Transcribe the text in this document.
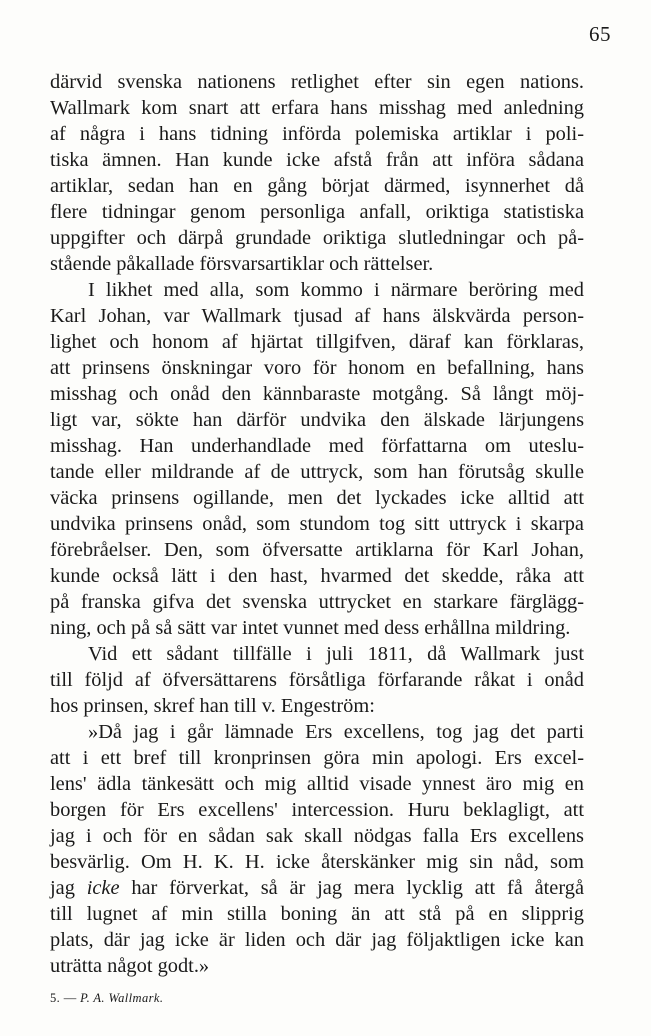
65
därvid svenska nationens retlighet efter sin egen nations.
Wallmark kom snart att erfara hans misshag med anledning
af några i hans tidning införda polemiska artiklar i poli-
tiska ämnen. Han kunde icke afstå från att införa sådana
artiklar, sedan han en gång börjat därmed, isynnerhet då
flere tidningar genom personliga anfall, oriktiga statistiska
uppgifter och därpå grundade oriktiga slutledningar och på-
stående påkallade försvarsartiklar och rättelser.
I likhet med alla, som kommo i närmare beröring med
Karl Johan, var Wallmark tjusad af hans älskvärda person-
lighet och honom af hjärtat tillgifven, däraf kan förklaras,
att prinsens önskningar voro för honom en befallning, hans
misshag och onåd den kännbaraste motgång. Så långt möj-
ligt var, sökte han därför undvika den älskade lärjungens
misshag. Han underhandlade med författarna om uteslu-
tande eller mildrande af de uttryck, som han förutsåg skulle
väcka prinsens ogillande, men det lyckades icke alltid att
undvika prinsens onåd, som stundom tog sitt uttryck i skarpa
förebråelser. Den, som öfversatte artiklarna för Karl Johan,
kunde också lätt i den hast, hvarmed det skedde, råka att
på franska gifva det svenska uttrycket en starkare färglägg-
ning, och på så sätt var intet vunnet med dess erhållna mildring.
Vid ett sådant tillfälle i juli 1811, då Wallmark just
till följd af öfversättarens försåtliga förfarande råkat i onåd
hos prinsen, skref han till v. Engeström:
»Då jag i går lämnade Ers excellens, tog jag det parti
att i ett bref till kronprinsen göra min apologi. Ers excel-
lens' ädla tänkesätt och mig alltid visade ynnest äro mig en
borgen för Ers excellens' intercession. Huru beklagligt, att
jag i och för en sådan sak skall nödgas falla Ers excellens
besvärlig. Om H. K. H. icke återskänker mig sin nåd, som
jag icke har förverkat, så är jag mera lycklig att få återgå
till lugnet af min stilla boning än att stå på en slipprig
plats, där jag icke är liden och där jag följaktligen icke kan
uträtta något godt.»
5. — P. A. Wallmark.
